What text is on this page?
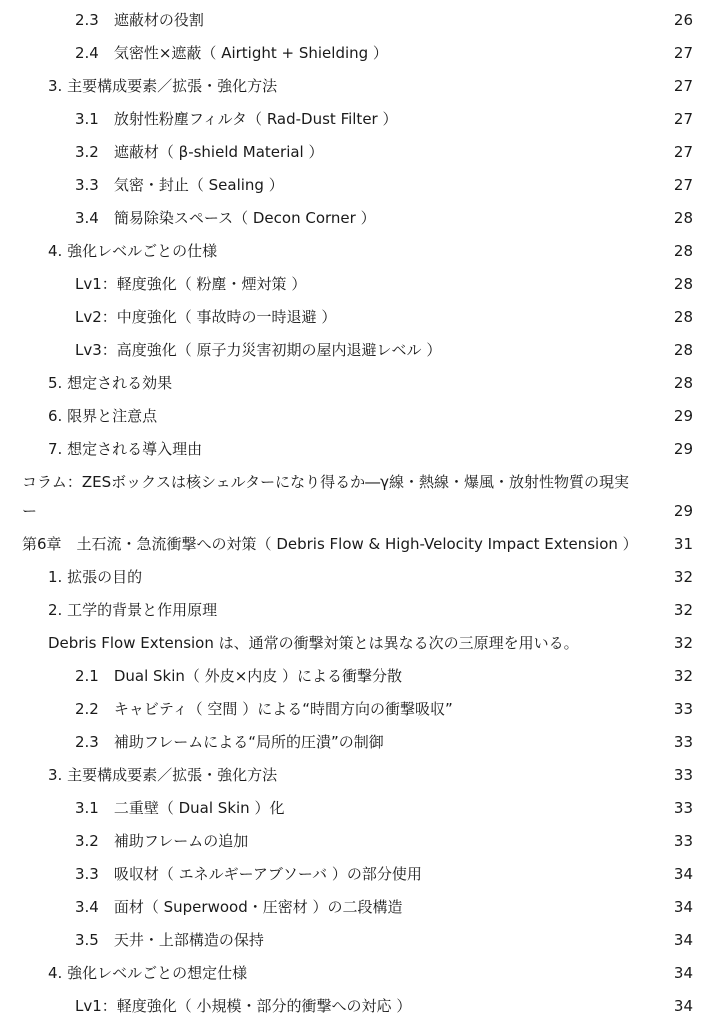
2.3　遮蔽材の役割	26
2.4　気密性×遮蔽（ Airtight + Shielding ）	27
3. 主要構成要素／拡張・強化方法	27
3.1　放射性粉塵フィルタ（ Rad-Dust Filter ）	27
3.2　遮蔽材（ β-shield Material ）	27
3.3　気密・封止（ Sealing ）	27
3.4　簡易除染スペース（ Decon Corner ）	28
4. 強化レベルごとの仕様	28
Lv1：軽度強化（ 粉塵・煙対策 ）	28
Lv2：中度強化（ 事故時の一時退避 ）	28
Lv3：高度強化（ 原子力災害初期の屋内退避レベル ）	28
5. 想定される効果	28
6. 限界と注意点	29
7. 想定される導入理由	29
コラム：ZESボックスは核シェルターになり得るか―γ線・熱線・爆風・放射性物質の現実
ー	29
第6章　土石流・急流衝撃への対策（ Debris Flow & High-Velocity Impact Extension ） 31
1. 拡張の目的	32
2. 工学的背景と作用原理	32
Debris Flow Extension は、通常の衝撃対策とは異なる次の三原理を用いる。	32
2.1　Dual Skin（ 外皮×内皮 ）による衝撃分散	32
2.2　キャビティ（ 空間 ）による“時間方向の衝撃吸収”	33
2.3　補助フレームによる“局所的圧潰”の制御	33
3. 主要構成要素／拡張・強化方法	33
3.1　二重壁（ Dual Skin ）化	33
3.2　補助フレームの追加	33
3.3　吸収材（ エネルギーアブソーバ ）の部分使用	34
3.4　面材（ Superwood・圧密材 ）の二段構造	34
3.5　天井・上部構造の保持	34
4. 強化レベルごとの想定仕様	34
Lv1：軽度強化（ 小規模・部分的衝撃への対応 ）	34
